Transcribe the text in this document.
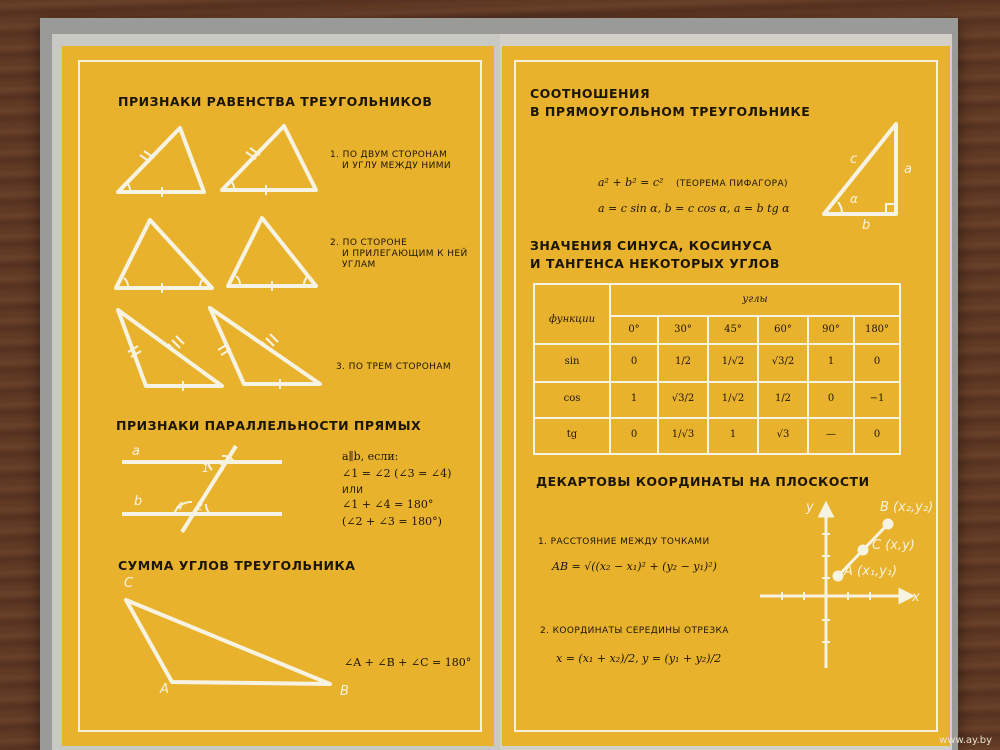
ПРИЗНАКИ РАВЕНСТВА ТРЕУГОЛЬНИКОВ
1. ПО ДВУМ СТОРОНАМ
И УГЛУ МЕЖДУ НИМИ
2. ПО СТОРОНЕ
И ПРИЛЕГАЮЩИМ К НЕЙ
УГЛАМ
3. ПО ТРЕМ СТОРОНАМ
ПРИЗНАКИ ПАРАЛЛЕЛЬНОСТИ ПРЯМЫХ
a
b
1 3
4 2
a∥b, если:
∠1 = ∠2 (∠3 = ∠4)
ИЛИ
∠1 + ∠4 = 180°
(∠2 + ∠3 = 180°)
СУММА УГЛОВ ТРЕУГОЛЬНИКА
C
A	B
∠A + ∠B + ∠C = 180°
СООТНОШЕНИЯ
В ПРЯМОУГОЛЬНОМ ТРЕУГОЛЬНИКЕ
a² + b² = c² (ТЕОРЕМА ПИФАГОРА)
a = c sin α, b = c cos α, a = b tg α
c
a
b
α
ЗНАЧЕНИЯ СИНУСА, КОСИНУСА
И ТАНГЕНСА НЕКОТОРЫХ УГЛОВ
функции
углы
0°	30°	45°	60°	90°	180°
sin	0	1/2	1/√2	√3/2	1	0
cos	1	√3/2	1/√2	1/2	0	−1
tg	0	1/√3	1	√3	—	0
ДЕКАРТОВЫ КООРДИНАТЫ НА ПЛОСКОСТИ
1. РАССТОЯНИЕ МЕЖДУ ТОЧКАМИ
AB = √((x₂ − x₁)² + (y₂ − y₁)²)
2. КООРДИНАТЫ СЕРЕДИНЫ ОТРЕЗКА
x = (x₁ + x₂)/2, y = (y₁ + y₂)/2
y
x
A (x₁,y₁)
B (x₂,y₂)
C (x,y)
www.ay.by
